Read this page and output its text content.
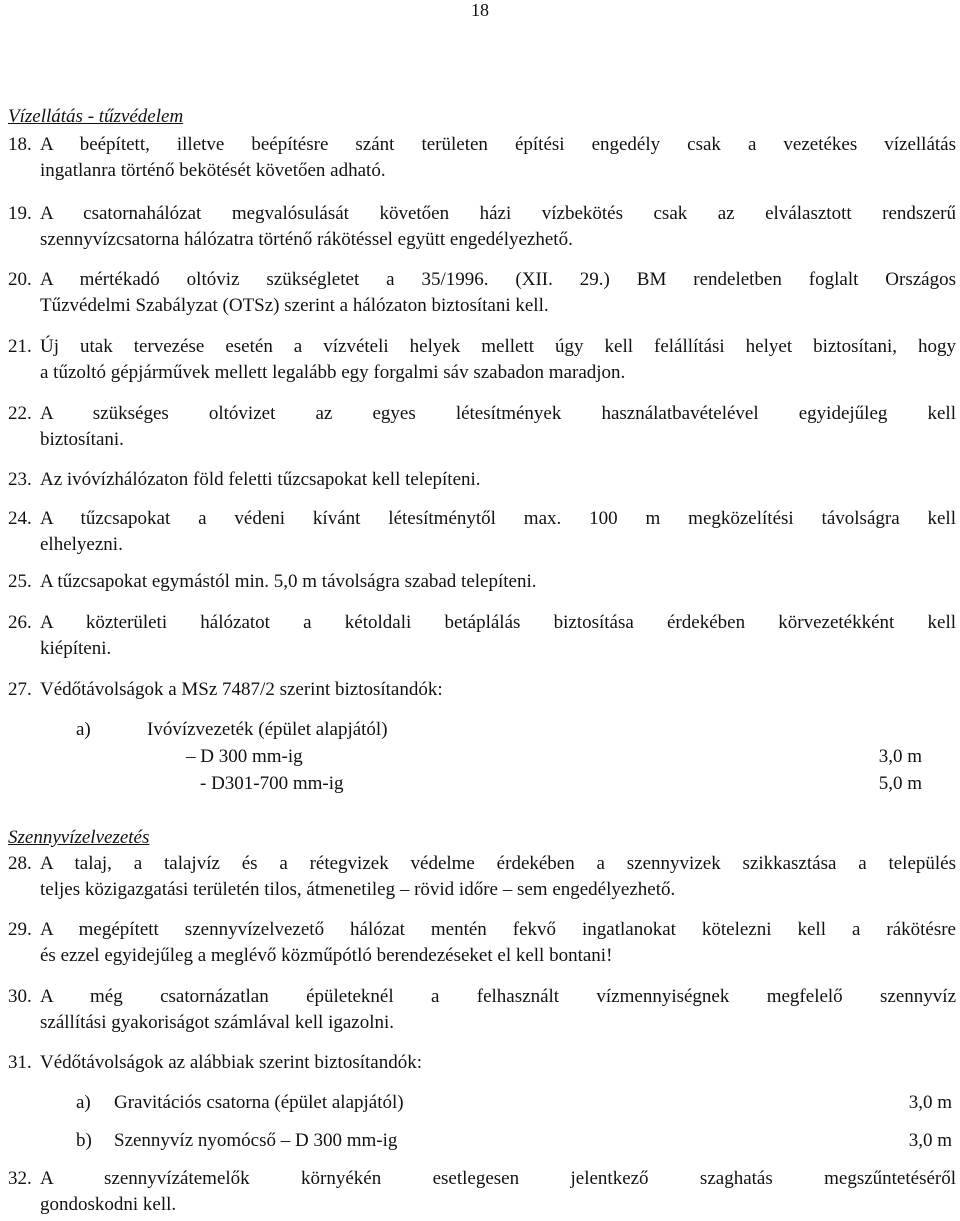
18
Vízellátás - tűzvédelem
18. A beépített, illetve beépítésre szánt területen építési engedély csak a vezetékes vízellátás
ingatlanra történő bekötését követően adható.
19. A csatornahálózat megvalósulását követően házi vízbekötés csak az elválasztott rendszerű
szennyvízcsatorna hálózatra történő rákötéssel együtt engedélyezhető.
20. A mértékadó oltóviz szükségletet a 35/1996. (XII. 29.) BM rendeletben foglalt Országos
Tűzvédelmi Szabályzat (OTSz) szerint a hálózaton biztosítani kell.
21. Új utak tervezése esetén a vízvételi helyek mellett úgy kell felállítási helyet biztosítani, hogy
a tűzoltó gépjárművek mellett legalább egy forgalmi sáv szabadon maradjon.
22. A szükséges oltóvizet az egyes létesítmények használatbavételével egyidejűleg kell
biztosítani.
23. Az ivóvízhálózaton föld feletti tűzcsapokat kell telepíteni.
24. A tűzcsapokat a védeni kívánt létesítménytől max. 100 m megközelítési távolságra kell
elhelyezni.
25. A tűzcsapokat egymástól min. 5,0 m távolságra szabad telepíteni.
26. A közterületi hálózatot a kétoldali betáplálás biztosítása érdekében körvezetékként kell
kiépíteni.
27. Védőtávolságok a MSz 7487/2 szerint biztosítandók:
a)	Ivóvízvezeték (épület alapjától)
– D 300 mm-ig	3,0 m
- D301-700 mm-ig	5,0 m
Szennyvízelvezetés
28. A talaj, a talajvíz és a rétegvizek védelme érdekében a szennyvizek szikkasztása a település
teljes közigazgatási területén tilos, átmenetileg – rövid időre – sem engedélyezhető.
29. A megépített szennyvízelvezető hálózat mentén fekvő ingatlanokat kötelezni kell a rákötésre
és ezzel egyidejűleg a meglévő közműpótló berendezéseket el kell bontani!
30. A még csatornázatlan épületeknél a felhasznált vízmennyiségnek megfelelő szennyvíz
szállítási gyakoriságot számlával kell igazolni.
31. Védőtávolságok az alábbiak szerint biztosítandók:
a) Gravitációs csatorna (épület alapjától)	3,0 m
b) Szennyvíz nyomócső – D 300 mm-ig	3,0 m
32. A szennyvízátemelők környékén esetlegesen jelentkező szaghatás megszűntetéséről
gondoskodni kell.
